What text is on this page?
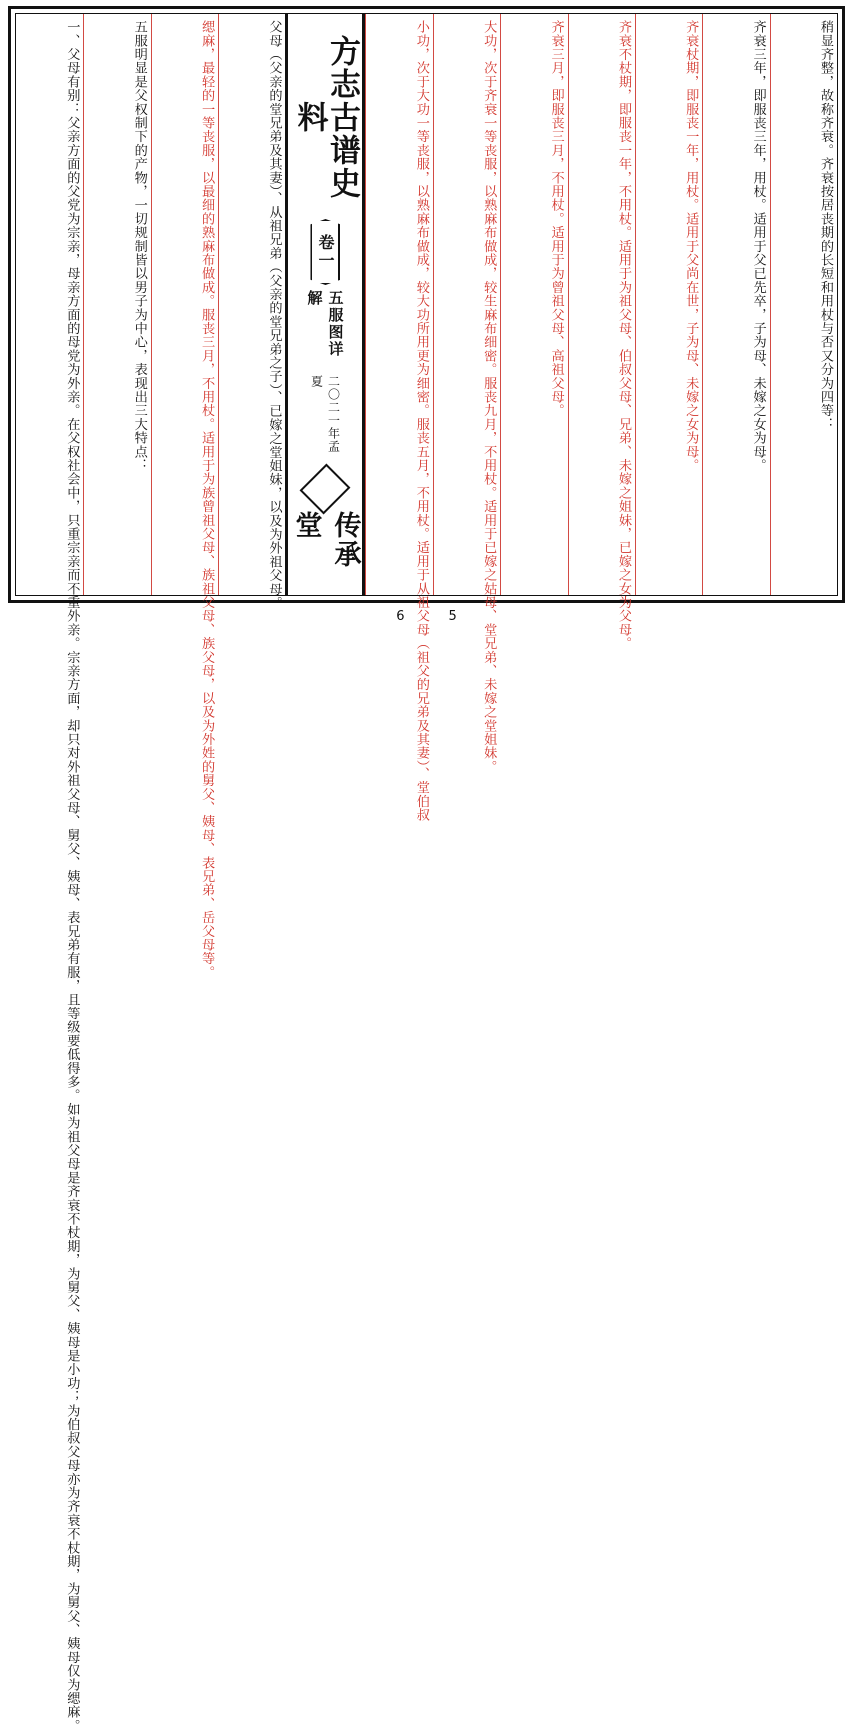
稍显齐整，故称齐衰。齐衰按居丧期的长短和用杖与否又分为四等：
齐衰三年，即服丧三年，用杖。适用于父已先卒，子为母、未嫁之女为母。
齐衰杖期，即服丧一年，用杖。适用于父尚在世，子为母、未嫁之女为母。
齐衰不杖期，即服丧一年，不用杖。适用于为祖父母、伯叔父母、兄弟、未嫁之姐妹，已嫁之女为父母。
齐衰三月，即服丧三月，不用杖。适用于为曾祖父母、高祖父母。
大功，次于齐衰一等丧服，以熟麻布做成，较生麻布细密。服丧九月，不用杖。适用于已嫁之姑母、堂兄弟、未嫁之堂姐妹。
小功，次于大功一等丧服，以熟麻布做成，较大功所用更为细密。服丧五月，不用杖。适用于从祖父母（祖父的兄弟及其妻）、堂伯叔
方志古谱史料
卷一
五服图详解
二〇二一年孟夏
传承堂
父母（父亲的堂兄弟及其妻）、从祖兄弟（父亲的堂兄弟之子）、已嫁之堂姐妹，以及为外祖父母。
缌麻，最轻的一等丧服，以最细的熟麻布做成。服丧三月，不用杖。适用于为族曾祖父母、族祖父母、族父母，以及为外姓的舅父、姨母、表兄弟、岳父母等。
五服明显是父权制下的产物，一切规制皆以男子为中心，表现出三大特点：
一、父母有别：父亲方面的父党为宗亲，母亲方面的母党为外亲。在父权社会中，只重宗亲而不重外亲。宗亲方面，却只对外祖父母、舅父、姨母、表兄弟有服，且等级要低得多。如为祖父母是齐衰不杖期，为舅父、姨母是小功；为伯叔父母亦为齐衰不杖期，为舅父、姨母仅为缌麻。	6	5
